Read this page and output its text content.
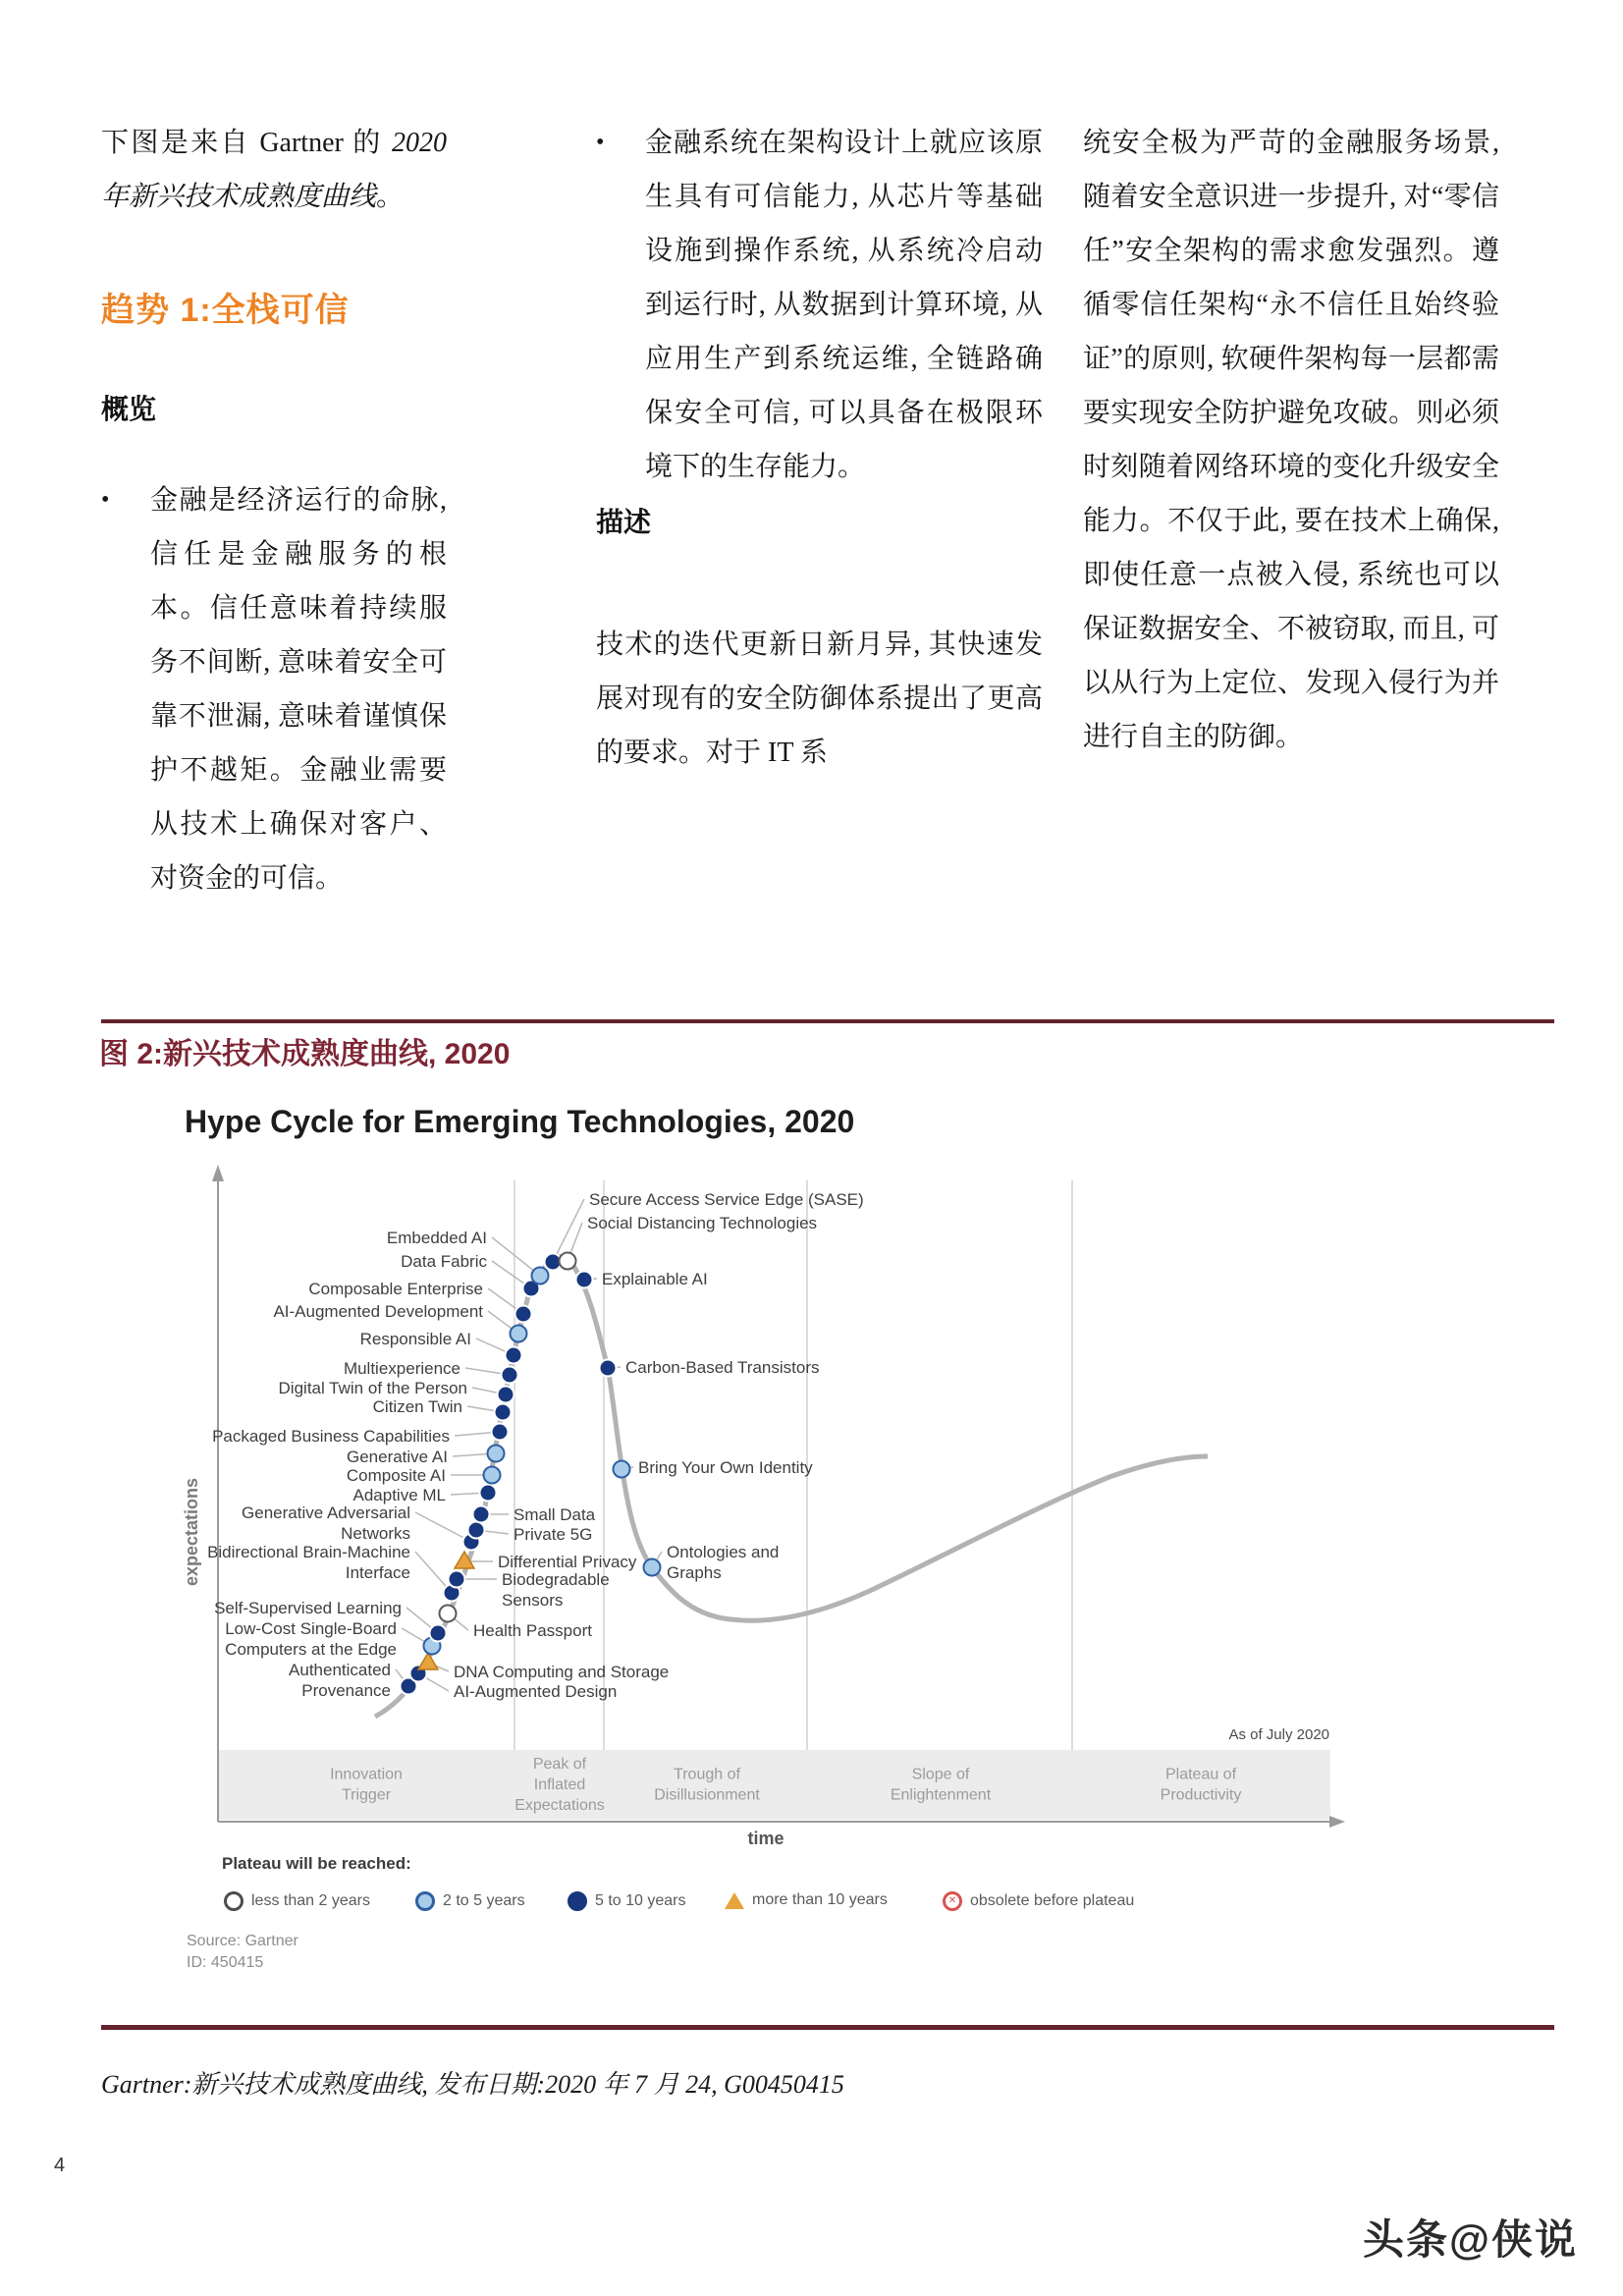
下图是来自 Gartner 的 2020 年新兴技术成熟度曲线。

趋势 1:全栈可信
概览
•	金融是经济运行的命脉, 信任是金融服务的根本。信任意味着持续服务不间断, 意味着安全可靠不泄漏, 意味着谨慎保护不越矩。金融业需要从技术上确保对客户、对资金的可信。
•	金融系统在架构设计上就应该原生具有可信能力, 从芯片等基础设施到操作系统, 从系统冷启动到运行时, 从数据到计算环境, 从应用生产到系统运维, 全链路确保安全可信, 可以具备在极限环境下的生存能力。
描述

技术的迭代更新日新月异, 其快速发展对现有的安全防御体系提出了更高的要求。对于 IT 系

统安全极为严苛的金融服务场景, 随着安全意识进一步提升, 对“零信任”安全架构的需求愈发强烈。遵循零信任架构“永不信任且始终验证”的原则, 软硬件架构每一层都需要实现安全防护避免攻破。则必须时刻随着网络环境的变化升级安全能力。不仅于此, 要在技术上确保, 即使任意一点被入侵, 系统也可以保证数据安全、不被窃取, 而且, 可以从行为上定位、发现入侵行为并进行自主的防御。

图 2:新兴技术成熟度曲线, 2020
Hype Cycle for Emerging Technologies, 2020
Innovation Trigger
Peak of Inflated Expectations
Trough of Disillusionment
Slope of Enlightenment
Plateau of Productivity
expectations
time
As of July 2020
Authenticated Provenance	AI-Augmented Design
DNA Computing and Storage
Low-Cost Single-Board Computers at the Edge
Self-Supervised Learning
Health Passport
Bidirectional Brain-Machine Interface	Biodegradable Sensors
Differential Privacy
Generative Adversarial Networks	Private 5G
Small Data
Adaptive ML
Composite AI
Generative AI
Packaged Business Capabilities
Citizen Twin
Digital Twin of the Person
Multiexperience
Responsible AI
AI-Augmented Development
Composable Enterprise
Data Fabric
Embedded AI
Secure Access Service Edge (SASE)
Social Distancing Technologies
Explainable AI
Carbon-Based Transistors
Bring Your Own Identity
Ontologies and Graphs
Plateau will be reached:
less than 2 years	2 to 5 years	5 to 10 years	more than 10 years	✕ obsolete before plateau
Source: Gartner
ID: 450415

Gartner:新兴技术成熟度曲线, 发布日期:2020 年 7 月 24, G00450415

4
头条@侠说
